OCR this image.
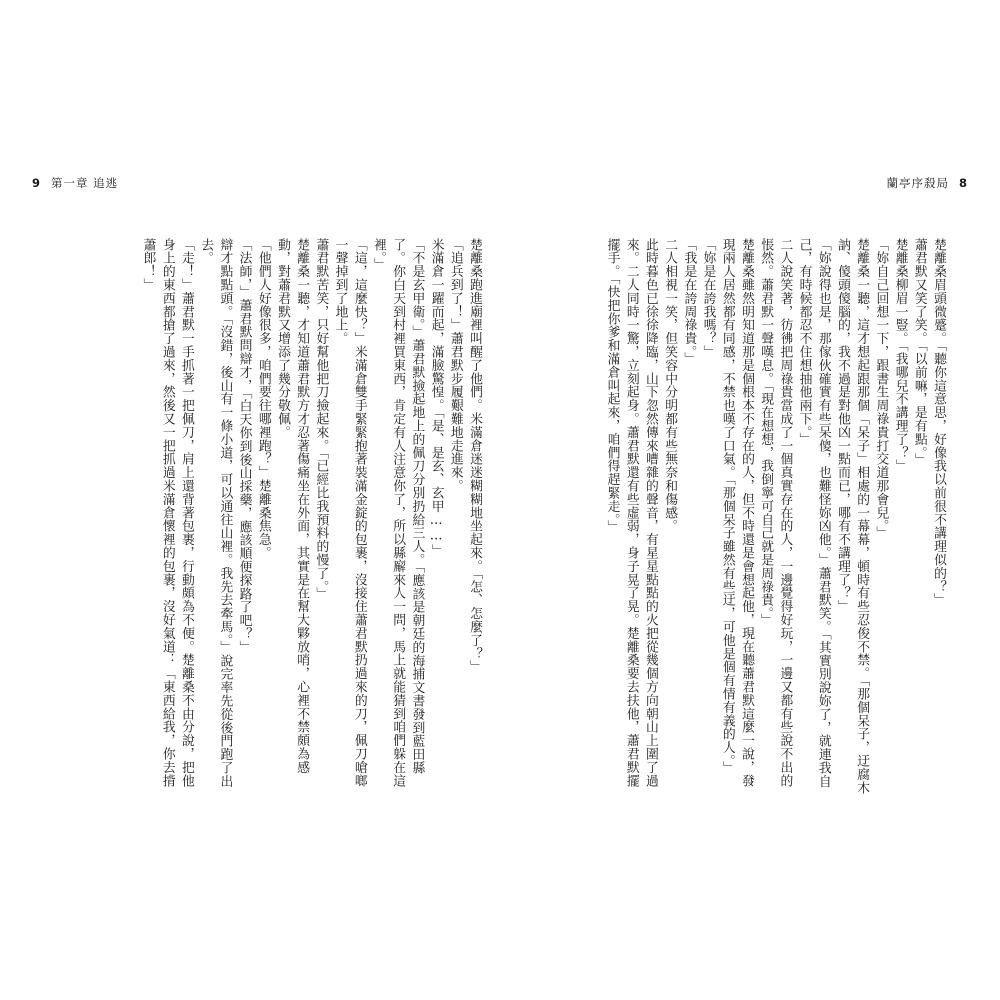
9 第一章 追逃	蘭亭序殺局 8

楚離桑眉頭微蹙。「聽你這意思，好像我以前很不講理似的？」

蕭君默又笑了笑。「以前嘛，是有點。」

楚離桑柳眉一豎。「我哪兒不講理了？」

「妳自己回想一下，跟書生周祿貴打交道那會兒。」

楚離桑一聽，這才想起跟那個「呆子」相處的一幕幕，頓時有些忍俊不禁。「那個呆子，迂腐木訥、傻頭傻腦的，我不過是對他凶一點而已，哪有不講理了？」

「妳說得也是，那傢伙確實有些呆傻，也難怪妳凶他。」蕭君默笑。「其實別說妳了，就連我自己，有時候都忍不住想抽他兩下。」

二人說笑著，彷彿把周祿貴當成了一個真實存在的人，一邊覺得好玩，一邊又都有些說不出的悵然。蕭君默一聲嘆息。「現在想想，我倒寧可自己就是周祿貴。」

楚離桑雖然明知道那是個根本不存在的人，但不時還是會想起他，現在聽蕭君默這麼一說，發現兩人居然都有同感，不禁也嘆了口氣。「那個呆子雖然有些迂，可他是個有情有義的人。」

「妳是在誇我嗎？」

「我是在誇周祿貴。」

二人相視一笑，但笑容中分明都有些無奈和傷感。

此時暮色已徐徐降臨，山下忽然傳來嘈雜的聲音，有星星點點的火把從幾個方向朝山上圍了過來。二人同時一驚，立刻起身。蕭君默還有些虛弱，身子晃了晃。楚離桑要去扶他，蕭君默擺擺手。「快把你爹和滿倉叫起來，咱們得趕緊走。」

楚離桑跑進廟裡叫醒了他們。米滿倉迷迷糊糊地坐起來。「怎、怎麼了？」

「追兵到了！」蕭君默步履艱難地走進來。

米滿倉一躍而起，滿臉驚惶。「是、是玄、玄甲……」

「不是玄甲衛。」蕭君默撿起地上的佩刀分別扔給三人。「應該是朝廷的海捕文書發到藍田縣了。你白天到村裡買東西，肯定有人注意你了，所以縣廨來人一問，馬上就能猜到咱們躲在這裡。」

「這，這麼快？」米滿倉雙手緊緊抱著裝滿金錠的包裹，沒接住蕭君默扔過來的刀，佩刀嗆啷一聲掉到了地上。

蕭君默苦笑，只好幫他把刀撿起來。「已經比我預料的慢了。」

楚離桑一聽，才知道蕭君默方才忍著傷痛坐在外面，其實是在幫大夥放哨，心裡不禁頗為感動，對蕭君默又增添了幾分敬佩。

「他們人好像很多，咱們要往哪裡跑？」楚離桑焦急。

「法師，」蕭君默問辯才，「白天你到後山採藥，應該順便探路了吧？」

辯才點點頭。「沒錯，後山有一條小道，可以通往山裡。我先去牽馬。」說完率先從後門跑了出去。

「走！」蕭君默一手抓著一把佩刀，肩上還背著包裹，行動頗為不便。楚離桑不由分說，把他身上的東西都搶了過來，然後又一把抓過米滿倉懷裡的包裹，沒好氣道：「東西給我，你去揹蕭郎！」
